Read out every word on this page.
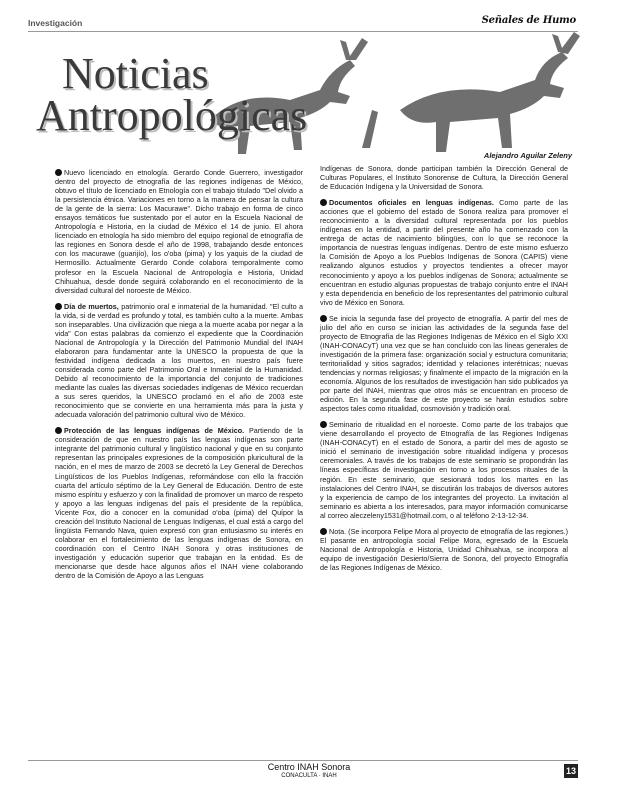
Investigación	Señales de Humo
Noticias
Antropológicas
Alejandro Aguilar Zeleny

Nuevo licenciado en etnología. Gerardo Conde Guerrero, investigador dentro del proyecto de etnografía de las regiones indígenas de México, obtuvo el título de licenciado en Etnología con el trabajo titulado "Del olvido a la persistencia étnica. Variaciones en torno a la manera de pensar la cultura de la gente de la sierra: Los Macurawe". Dicho trabajo en forma de cinco ensayos temáticos fue sustentado por el autor en la Escuela Nacional de Antropología e Historia, en la ciudad de México el 14 de junio. El ahora licenciado en etnología ha sido miembro del equipo regional de etnografía de las regiones en Sonora desde el año de 1998, trabajando desde entonces con los macurawe (guarijío), los o'oba (pima) y los yaquis de la ciudad de Hermosillo. Actualmente Gerardo Conde colabora temporalmente como profesor en la Escuela Nacional de Antropología e Historia, Unidad Chihuahua, desde donde seguirá colaborando en el reconocimiento de la diversidad cultural del noroeste de México.

Día de muertos, patrimonio oral e inmaterial de la humanidad. "El culto a la vida, si de verdad es profundo y total, es también culto a la muerte. Ambas son inseparables. Una civilización que niega a la muerte acaba por negar a la vida" Con estas palabras da comienzo el expediente que la Coordinación Nacional de Antropología y la Dirección del Patrimonio Mundial del INAH elaboraron para fundamentar ante la UNESCO la propuesta de que la festividad indígena dedicada a los muertos, en nuestro país fuere considerada como parte del Patrimonio Oral e Inmaterial de la Humanidad. Debido al reconocimiento de la importancia del conjunto de tradiciones mediante las cuales las diversas sociedades indígenas de México recuerdan a sus seres queridos, la UNESCO proclamó en el año de 2003 este reconocimiento que se convierte en una herramienta más para la justa y adecuada valoración del patrimonio cultural vivo de México.

Protección de las lenguas indígenas de México. Partiendo de la consideración de que en nuestro país las lenguas indígenas son parte integrante del patrimonio cultural y lingüístico nacional y que en su conjunto representan las principales expresiones de la composición pluricultural de la nación, en el mes de marzo de 2003 se decretó la Ley General de Derechos Lingüísticos de los Pueblos Indígenas, reformándose con ello la fracción cuarta del artículo séptimo de la Ley General de Educación. Dentro de este mismo espíritu y esfuerzo y con la finalidad de promover un marco de respeto y apoyo a las lenguas indígenas del país el presidente de la república, Vicente Fox, dio a conocer en la comunidad o'oba (pima) del Quípor la creación del Instituto Nacional de Lenguas Indígenas, el cual está a cargo del lingüista Fernando Nava, quien expresó con gran entusiasmo su interés en colaborar en el fortalecimiento de las lenguas indígenas de Sonora, en coordinación con el Centro INAH Sonora y otras instituciones de investigación y educación superior que trabajan en la entidad. Es de mencionarse que desde hace algunos años el INAH viene colaborando dentro de la Comisión de Apoyo a las Lenguas

Indígenas de Sonora, donde participan también la Dirección General de Culturas Populares, el Instituto Sonorense de Cultura, la Dirección General de Educación Indígena y la Universidad de Sonora.

Documentos oficiales en lenguas indígenas. Como parte de las acciones que el gobierno del estado de Sonora realiza para promover el reconocimiento a la diversidad cultural representada por los pueblos indígenas en la entidad, a partir del presente año ha comenzado con la entrega de actas de nacimiento bilingües, con lo que se reconoce la importancia de nuestras lenguas indígenas. Dentro de este mismo esfuerzo la Comisión de Apoyo a los Pueblos Indígenas de Sonora (CAPIS) viene realizando algunos estudios y proyectos tendientes a ofrecer mayor reconocimiento y apoyo a los pueblos indígenas de Sonora; actualmente se encuentran en estudio algunas propuestas de trabajo conjunto entre el INAH y esta dependencia en beneficio de los representantes del patrimonio cultural vivo de México en Sonora.

Se inicia la segunda fase del proyecto de etnografía. A partir del mes de julio del año en curso se inician las actividades de la segunda fase del proyecto de Etnografía de las Regiones Indígenas de México en el Siglo XXI (INAH-CONACyT) una vez que se han concluido con las líneas generales de investigación de la primera fase: organización social y estructura comunitaria; territorialidad y sitios sagrados; identidad y relaciones interétnicas; nuevas tendencias y normas religiosas; y finalmente el impacto de la migración en la economía. Algunos de los resultados de investigación han sido publicados ya por parte del INAH, mientras que otros más se encuentran en proceso de edición. En la segunda fase de este proyecto se harán estudios sobre aspectos tales como ritualidad, cosmovisión y tradición oral.

Seminario de ritualidad en el noroeste. Como parte de los trabajos que viene desarrollando el proyecto de Etnografía de las Regiones Indígenas (INAH-CONACyT) en el estado de Sonora, a partir del mes de agosto se inició el seminario de investigación sobre ritualidad indígena y procesos ceremoniales. A través de los trabajos de este seminario se propondrán las líneas específicas de investigación en torno a los procesos rituales de la región. En este seminario, que sesionará todos los martes en las instalaciones del Centro INAH, se discutirán los trabajos de diversos autores y la experiencia de campo de los integrantes del proyecto. La invitación al seminario es abierta a los interesados, para mayor información comunicarse al correo aleczeleny1531@hotmail.com, o al teléfono 2-13-12-34.

Nota. (Se incorpora Felipe Mora al proyecto de etnografía de las regiones.) El pasante en antropología social Felipe Mora, egresado de la Escuela Nacional de Antropología e Historia, Unidad Chihuahua, se incorpora al equipo de investigación Desierto/Sierra de Sonora, del proyecto Etnografía de las Regiones Indígenas de México.

Centro INAH Sonora
CONACULTA · INAH	13
